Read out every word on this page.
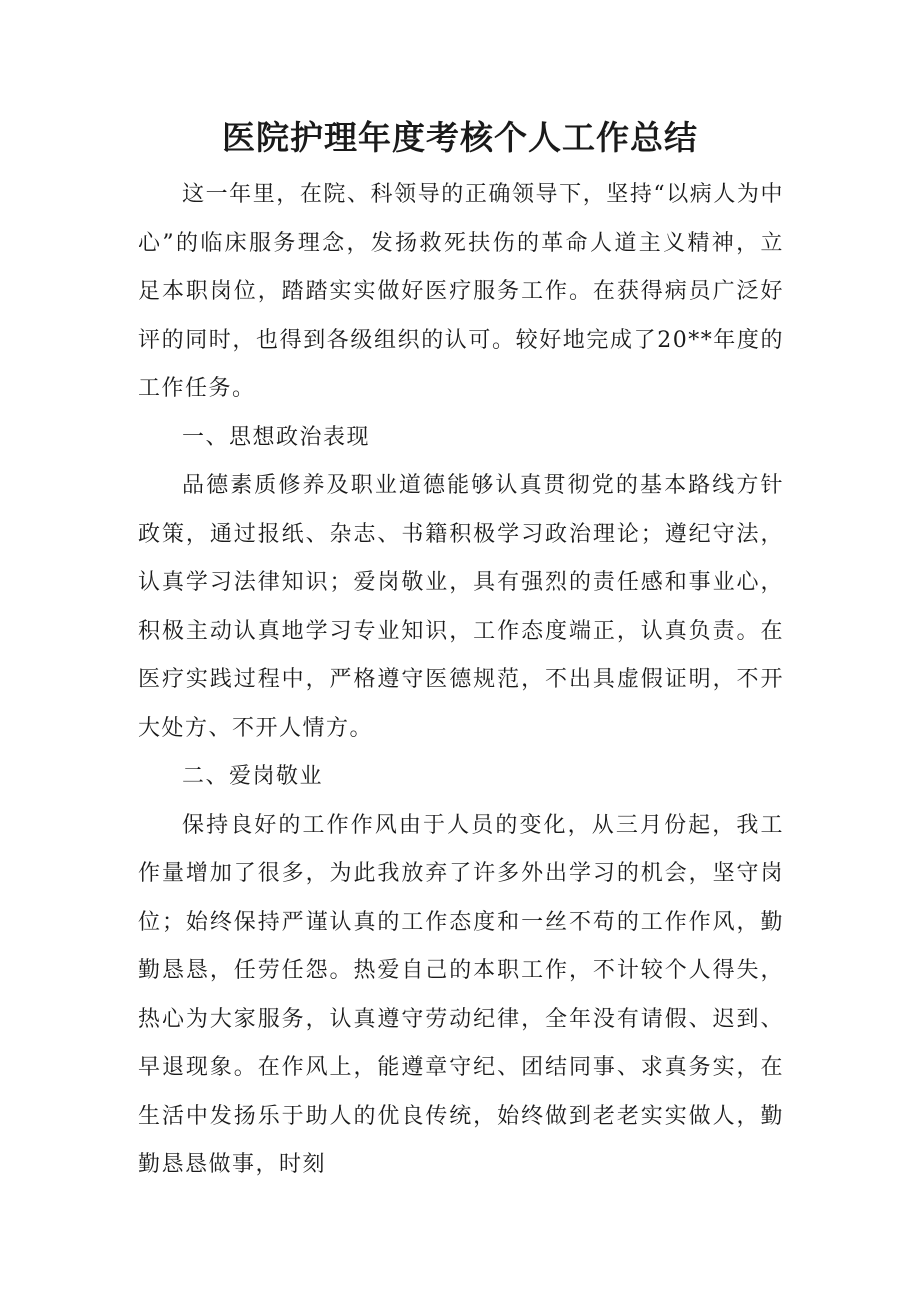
医院护理年度考核个人工作总结

这一年里，在院、科领导的正确领导下，坚持“以病人为中心”的临床服务理念，发扬救死扶伤的革命人道主义精神，立足本职岗位，踏踏实实做好医疗服务工作。在获得病员广泛好评的同时，也得到各级组织的认可。较好地完成了20**年度的工作任务。

一、思想政治表现

品德素质修养及职业道德能够认真贯彻党的基本路线方针政策，通过报纸、杂志、书籍积极学习政治理论；遵纪守法，认真学习法律知识；爱岗敬业，具有强烈的责任感和事业心，积极主动认真地学习专业知识，工作态度端正，认真负责。在医疗实践过程中，严格遵守医德规范，不出具虚假证明，不开大处方、不开人情方。

二、爱岗敬业

保持良好的工作作风由于人员的变化，从三月份起，我工作量增加了很多，为此我放弃了许多外出学习的机会，坚守岗位；始终保持严谨认真的工作态度和一丝不苟的工作作风，勤勤恳恳，任劳任怨。热爱自己的本职工作，不计较个人得失，热心为大家服务，认真遵守劳动纪律，全年没有请假、迟到、早退现象。在作风上，能遵章守纪、团结同事、求真务实，在生活中发扬乐于助人的优良传统，始终做到老老实实做人，勤勤恳恳做事，时刻
